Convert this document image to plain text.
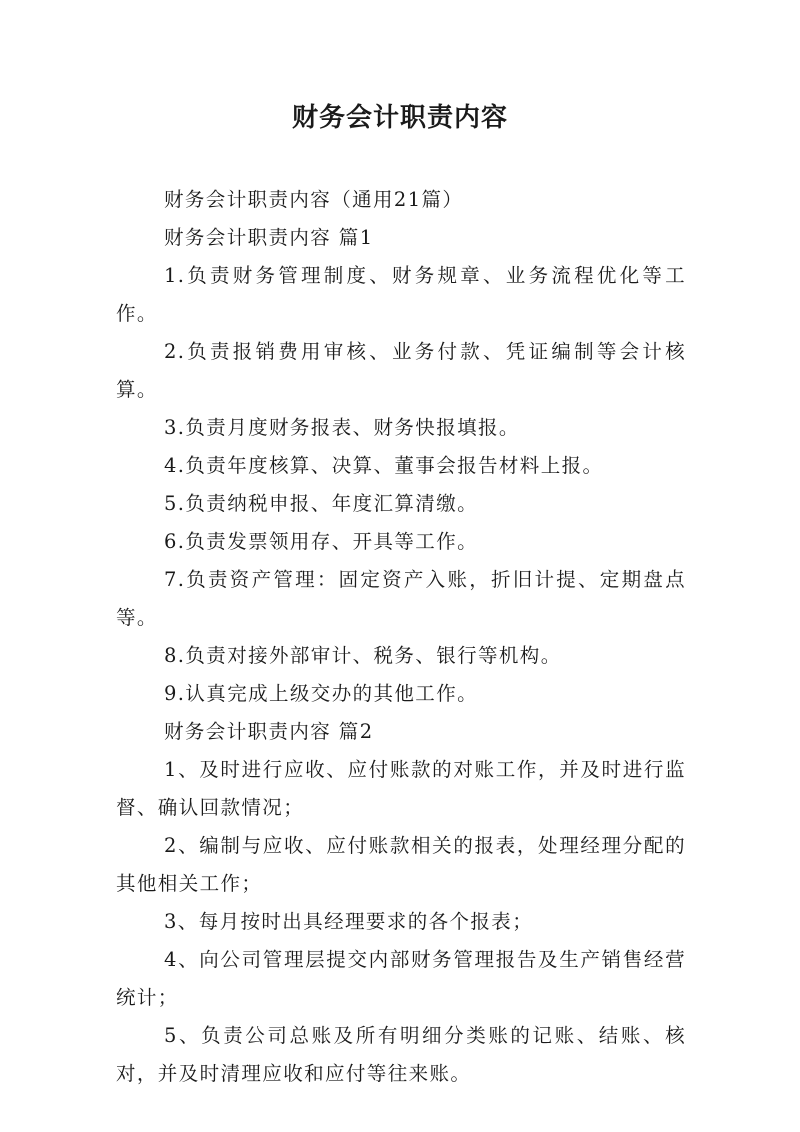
财务会计职责内容

财务会计职责内容（通用21篇）

财务会计职责内容 篇1

1.负责财务管理制度、财务规章、业务流程优化等工作。

2.负责报销费用审核、业务付款、凭证编制等会计核算。

3.负责月度财务报表、财务快报填报。

4.负责年度核算、决算、董事会报告材料上报。

5.负责纳税申报、年度汇算清缴。

6.负责发票领用存、开具等工作。

7.负责资产管理：固定资产入账，折旧计提、定期盘点等。

8.负责对接外部审计、税务、银行等机构。

9.认真完成上级交办的其他工作。

财务会计职责内容 篇2

1、及时进行应收、应付账款的对账工作，并及时进行监督、确认回款情况；

2、编制与应收、应付账款相关的报表，处理经理分配的其他相关工作；

3、每月按时出具经理要求的各个报表；

4、向公司管理层提交内部财务管理报告及生产销售经营统计；

5、负责公司总账及所有明细分类账的记账、结账、核对，并及时清理应收和应付等往来账。
